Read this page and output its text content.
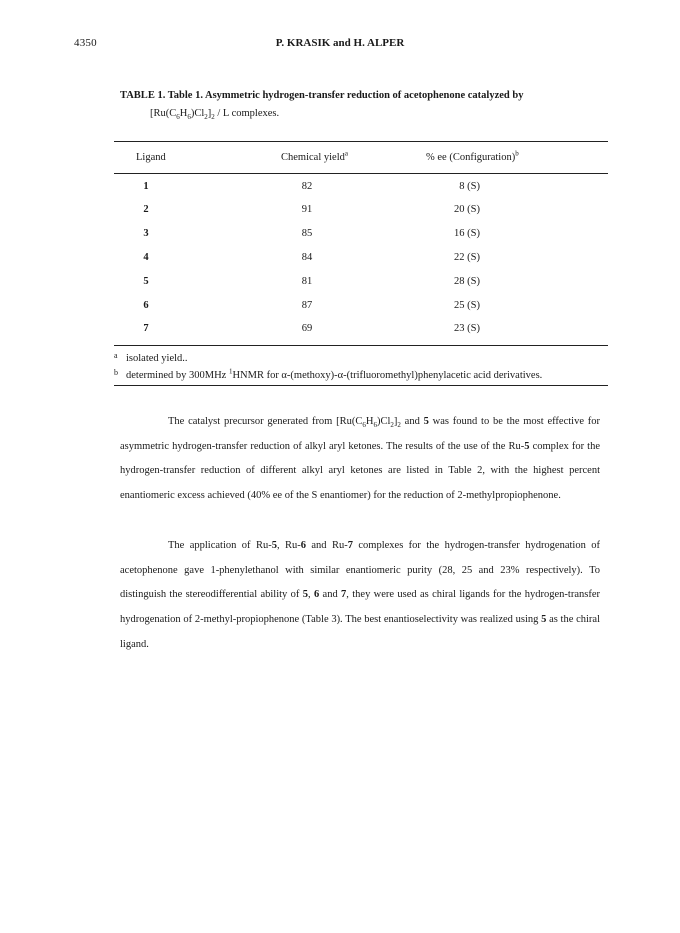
4350	P. KRASIK and H. ALPER
TABLE 1. Table 1. Asymmetric hydrogen-transfer reduction of acetophenone catalyzed by
$[Ru(C_6H_6)Cl_2]_2$ / L complexes.
Ligand	Chemical yield$^a$	% ee (Configuration)$^b$
1	82	8 (S)
2	91	20 (S)
3	85	16 (S)
4	84	22 (S)
5	81	28 (S)
6	87	25 (S)
7	69	23 (S)
a isolated yield..
b determined by 300MHz $^1$HNMR for α-(methoxy)-α-(trifluoromethyl)phenylacetic acid derivatives.
The catalyst precursor generated from $[Ru(C_6H_6)Cl_2]_2$ and 5 was found to be the most effective for asymmetric hydrogen-transfer reduction of alkyl aryl ketones. The results of the use of the Ru-5 complex for the hydrogen-transfer reduction of different alkyl aryl ketones are listed in Table 2, with the highest percent enantiomeric excess achieved (40% ee of the S enantiomer) for the reduction of 2-methylpropiophenone.
The application of Ru-5, Ru-6 and Ru-7 complexes for the hydrogen-transfer hydrogenation of acetophenone gave 1-phenylethanol with similar enantiomeric purity (28, 25 and 23% respectively). To distinguish the stereodifferential ability of 5, 6 and 7, they were used as chiral ligands for the hydrogen-transfer hydrogenation of 2-methyl-propiophenone (Table 3). The best enantioselectivity was realized using 5 as the chiral ligand.
